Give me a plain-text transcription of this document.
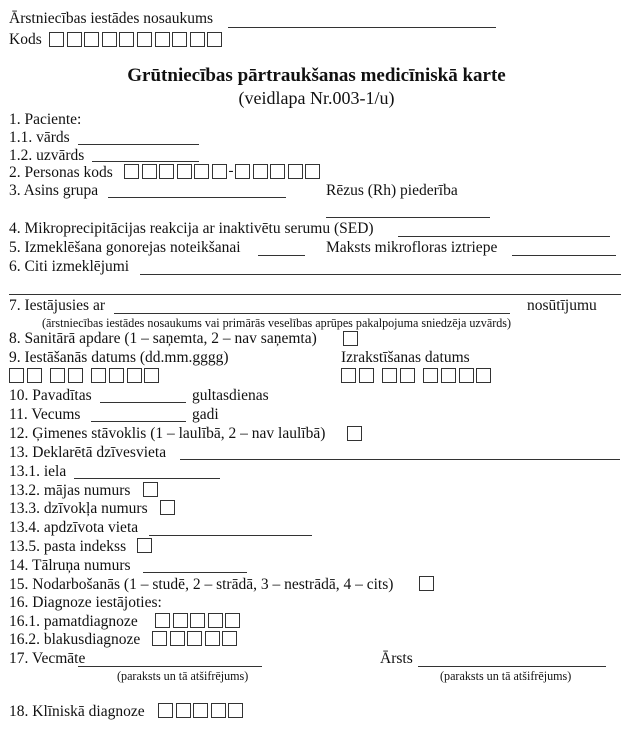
Ārstniecības iestādes nosaukums
Kods
Grūtniecības pārtraukšanas medicīniskā karte
(veidlapa Nr.003-1/u)
1. Paciente:
1.1. vārds
1.2. uzvārds
2. Personas kods	-
3. Asins grupa	Rēzus (Rh) piederība
4. Mikroprecipitācijas reakcija ar inaktivētu serumu (SED)
5. Izmeklēšana gonorejas noteikšanai	Maksts mikrofloras iztriepe
6. Citi izmeklējumi
7. Iestājusies ar	nosūtījumu
(ārstniecības iestādes nosaukums vai primārās veselības aprūpes pakalpojuma sniedzēja uzvārds)
8. Sanitārā apdare (1 – saņemta, 2 – nav saņemta)
9. Iestāšanās datums (dd.mm.gggg)	Izrakstīšanas datums
10. Pavadītas	gultasdienas
11. Vecums	gadi
12. Ģimenes stāvoklis (1 – laulībā, 2 – nav laulībā)
13. Deklarētā dzīvesvieta
13.1. iela
13.2. mājas numurs
13.3. dzīvokļa numurs
13.4. apdzīvota vieta
13.5. pasta indekss
14. Tālruņa numurs
15. Nodarbošanās (1 – studē, 2 – strādā, 3 – nestrādā, 4 – cits)
16. Diagnoze iestājoties:
16.1. pamatdiagnoze
16.2. blakusdiagnoze
17. Vecmāte
(paraksts un tā atšifrējums)
Ārsts
(paraksts un tā atšifrējums)
18. Klīniskā diagnoze
